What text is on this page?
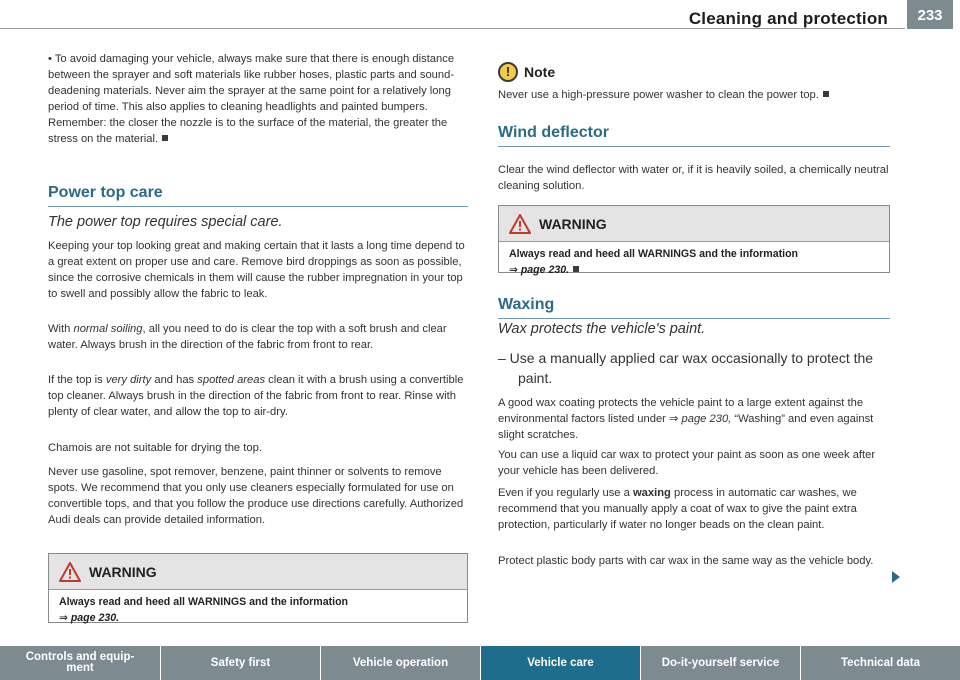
Cleaning and protection	233
• To avoid damaging your vehicle, always make sure that there is enough distance between the sprayer and soft materials like rubber hoses, plastic parts and sound-deadening materials. Never aim the sprayer at the same point for a relatively long period of time. This also applies to cleaning headlights and painted bumpers. Remember: the closer the nozzle is to the surface of the material, the greater the stress on the material.
Power top care
The power top requires special care.
Keeping your top looking great and making certain that it lasts a long time depend to a great extent on proper use and care. Remove bird droppings as soon as possible, since the corrosive chemicals in them will cause the rubber impregnation in your top to swell and possibly allow the fabric to leak.
With normal soiling, all you need to do is clear the top with a soft brush and clear water. Always brush in the direction of the fabric from front to rear.
If the top is very dirty and has spotted areas clean it with a brush using a convertible top cleaner. Always brush in the direction of the fabric from front to rear. Rinse with plenty of clear water, and allow the top to air-dry.
Chamois are not suitable for drying the top.
Never use gasoline, spot remover, benzene, paint thinner or solvents to remove spots. We recommend that you only use cleaners especially formulated for use on convertible tops, and that you follow the produce use directions carefully. Authorized Audi deals can provide detailed information.
WARNING
Always read and heed all WARNINGS and the information
⇒ page 230.
! Note
Never use a high-pressure power washer to clean the power top.
Wind deflector
Clear the wind deflector with water or, if it is heavily soiled, a chemically neutral cleaning solution.
Waxing
Wax protects the vehicle's paint.
– Use a manually applied car wax occasionally to protect the paint.
A good wax coating protects the vehicle paint to a large extent against the environmental factors listed under ⇒ page 230, “Washing” and even against slight scratches.
You can use a liquid car wax to protect your paint as soon as one week after your vehicle has been delivered.
Even if you regularly use a waxing process in automatic car washes, we recommend that you manually apply a coat of wax to give the paint extra protection, particularly if water no longer beads on the clean paint.
Protect plastic body parts with car wax in the same way as the vehicle body.
WARNING
Always read and heed all WARNINGS and the information
⇒ page 230.
Controls and equip-
ment	Safety first	Vehicle operation	Vehicle care	Do-it-yourself service	Technical data
